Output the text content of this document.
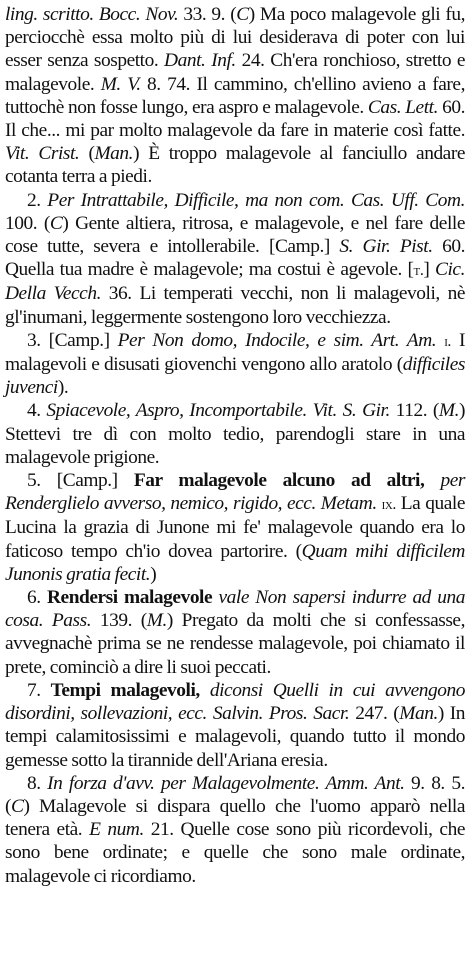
ling. scritto. Bocc. Nov. 33. 9. (C) Ma poco malagevole gli fu, perciocchè essa molto più di lui desiderava di poter con lui esser senza sospetto. Dant. Inf. 24. Ch'era ronchioso, stretto e malagevole. M. V. 8. 74. Il cammino, ch'ellino avieno a fare, tuttochè non fosse lungo, era aspro e malagevole. Cas. Lett. 60. Il che... mi par molto malagevole da fare in materie così fatte. Vit. Crist. (Man.) È troppo malagevole al fanciullo andare cotanta terra a piedi.

2. Per Intrattabile, Difficile, ma non com. Cas. Uff. Com. 100. (C) Gente altiera, ritrosa, e malagevole, e nel fare delle cose tutte, severa e intollerabile. [Camp.] S. Gir. Pist. 60. Quella tua madre è malagevole; ma costui è agevole. [t.] Cic. Della Vecch. 36. Li temperati vecchi, non li malagevoli, nè gl'inumani, leggermente sostengono loro vecchiezza.

3. [Camp.] Per Non domo, Indocile, e sim. Art. Am. i. I malagevoli e disusati giovenchi vengono allo aratolo (difficiles juvenci).

4. Spiacevole, Aspro, Incomportabile. Vit. S. Gir. 112. (M.) Stettevi tre dì con molto tedio, parendogli stare in una malagevole prigione.

5. [Camp.] Far malagevole alcuno ad altri, per Renderglielo avverso, nemico, rigido, ecc. Metam. ix. La quale Lucina la grazia di Junone mi fe' malagevole quando era lo faticoso tempo ch'io dovea partorire. (Quam mihi difficilem Junonis gratia fecit.)

6. Rendersi malagevole vale Non sapersi indurre ad una cosa. Pass. 139. (M.) Pregato da molti che si confessasse, avvegnachè prima se ne rendesse malagevole, poi chiamato il prete, cominciò a dire li suoi peccati.

7. Tempi malagevoli, diconsi Quelli in cui avvengono disordini, sollevazioni, ecc. Salvin. Pros. Sacr. 247. (Man.) In tempi calamitosissimi e malagevoli, quando tutto il mondo gemesse sotto la tirannide dell'Ariana eresia.

8. In forza d'avv. per Malagevolmente. Amm. Ant. 9. 8. 5. (C) Malagevole si dispara quello che l'uomo apparò nella tenera età. E num. 21. Quelle cose sono più ricordevoli, che sono bene ordinate; e quelle che sono male ordinate, malagevole ci ricordiamo.
